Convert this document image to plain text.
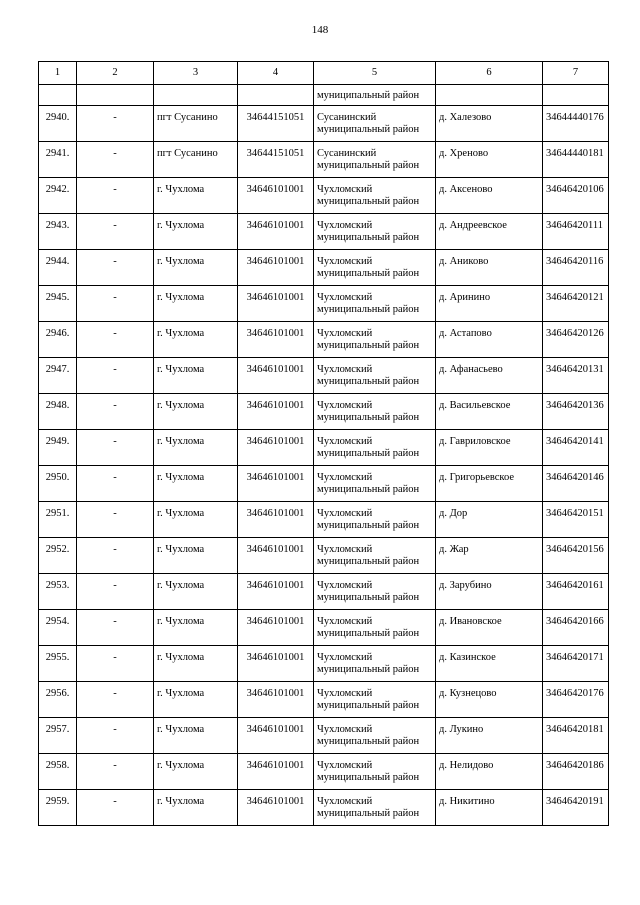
148
1	2	3	4	5	6	7
				муниципальный район		
2940.	-	пгт Сусанино	34644151051	Сусанинский муниципальный район	д. Халезово	34644440176
2941.	-	пгт Сусанино	34644151051	Сусанинский муниципальный район	д. Хреново	34644440181
2942.	-	г. Чухлома	34646101001	Чухломский муниципальный район	д. Аксеново	34646420106
2943.	-	г. Чухлома	34646101001	Чухломский муниципальный район	д. Андреевское	34646420111
2944.	-	г. Чухлома	34646101001	Чухломский муниципальный район	д. Аниково	34646420116
2945.	-	г. Чухлома	34646101001	Чухломский муниципальный район	д. Аринино	34646420121
2946.	-	г. Чухлома	34646101001	Чухломский муниципальный район	д. Астапово	34646420126
2947.	-	г. Чухлома	34646101001	Чухломский муниципальный район	д. Афанасьево	34646420131
2948.	-	г. Чухлома	34646101001	Чухломский муниципальный район	д. Васильевское	34646420136
2949.	-	г. Чухлома	34646101001	Чухломский муниципальный район	д. Гавриловское	34646420141
2950.	-	г. Чухлома	34646101001	Чухломский муниципальный район	д. Григорьевское	34646420146
2951.	-	г. Чухлома	34646101001	Чухломский муниципальный район	д. Дор	34646420151
2952.	-	г. Чухлома	34646101001	Чухломский муниципальный район	д. Жар	34646420156
2953.	-	г. Чухлома	34646101001	Чухломский муниципальный район	д. Зарубино	34646420161
2954.	-	г. Чухлома	34646101001	Чухломский муниципальный район	д. Ивановское	34646420166
2955.	-	г. Чухлома	34646101001	Чухломский муниципальный район	д. Казинское	34646420171
2956.	-	г. Чухлома	34646101001	Чухломский муниципальный район	д. Кузнецово	34646420176
2957.	-	г. Чухлома	34646101001	Чухломский муниципальный район	д. Лукино	34646420181
2958.	-	г. Чухлома	34646101001	Чухломский муниципальный район	д. Нелидово	34646420186
2959.	-	г. Чухлома	34646101001	Чухломский муниципальный район	д. Никитино	34646420191
